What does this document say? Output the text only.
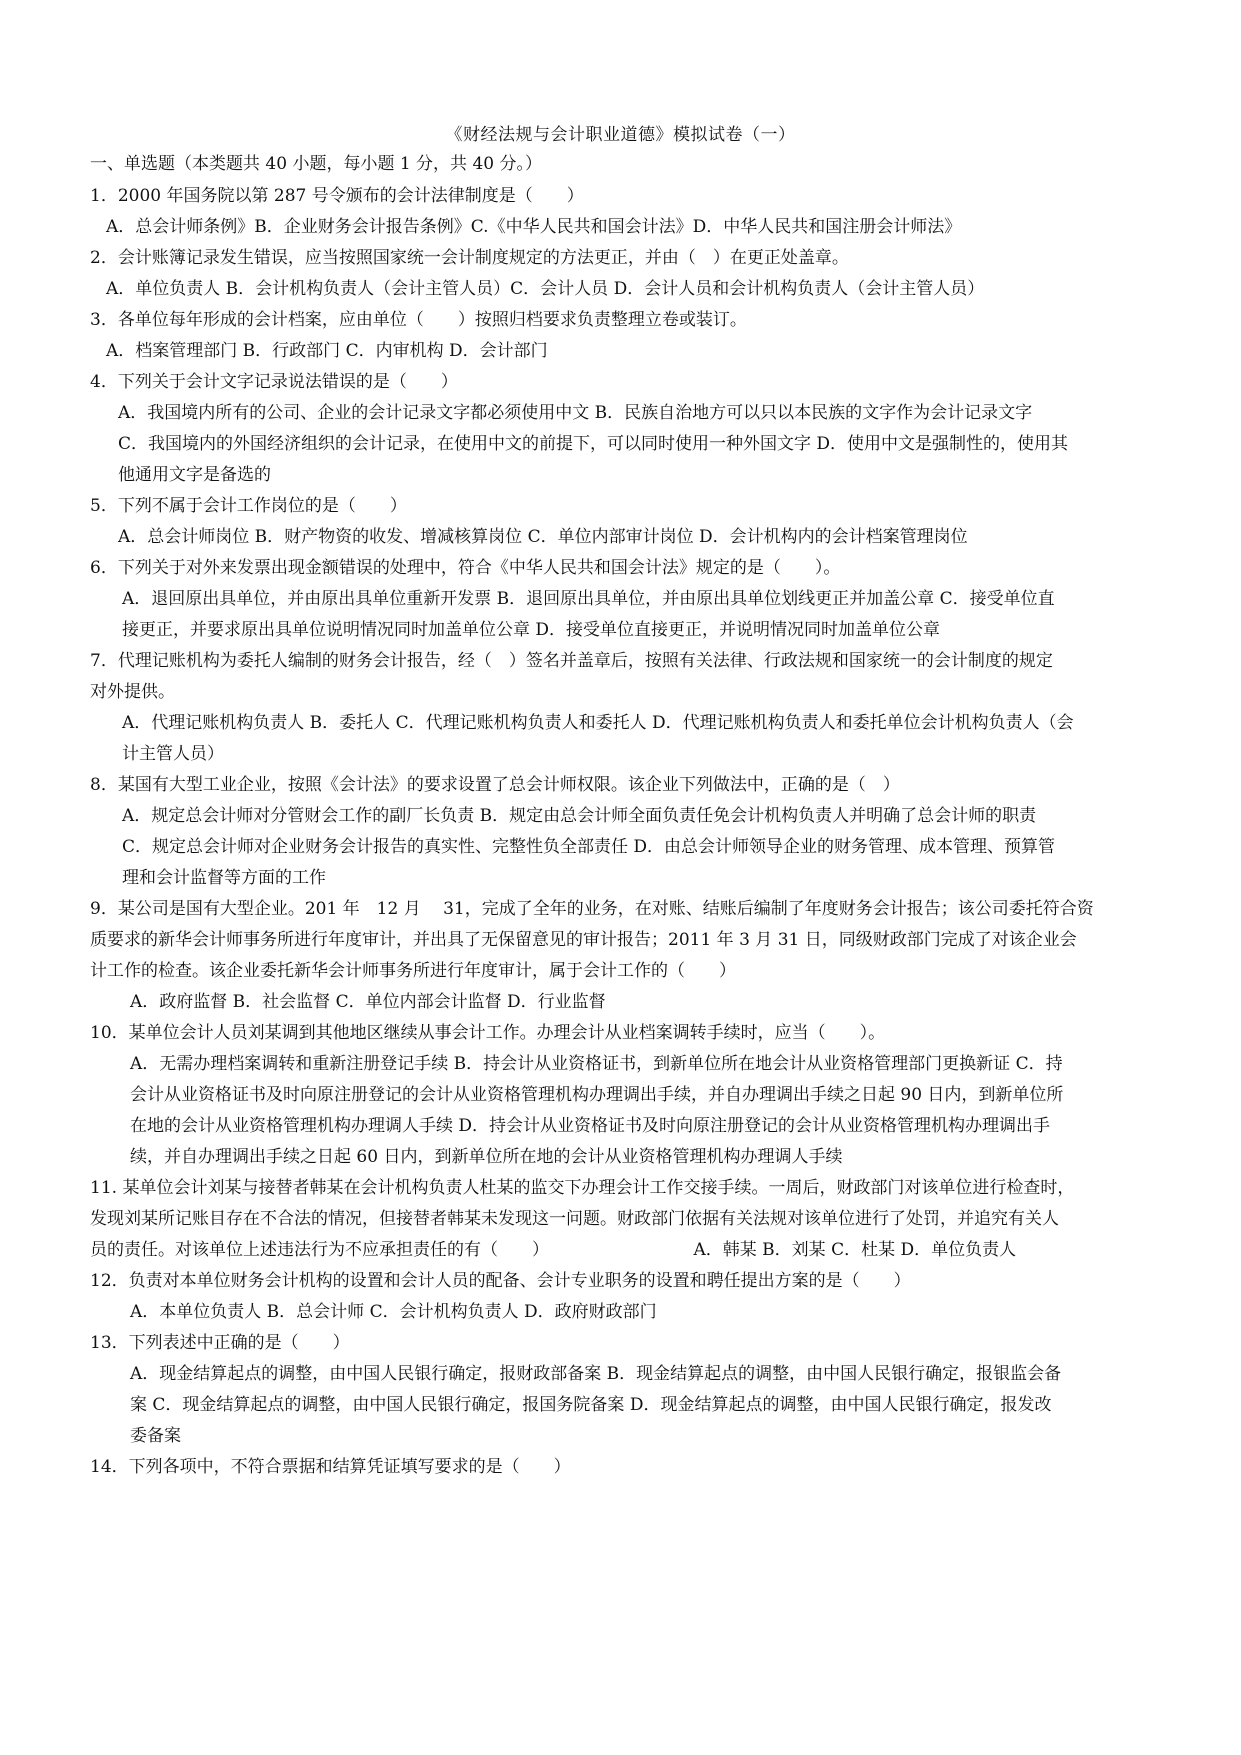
《财经法规与会计职业道德》模拟试卷（一）
一、单选题（本类题共 40 小题，每小题 1 分，共 40 分。）
1．2000 年国务院以第 287 号令颁布的会计法律制度是（　　）
A．总会计师条例》B．企业财务会计报告条例》C.《中华人民共和国会计法》D．中华人民共和国注册会计师法》
2．会计账簿记录发生错误，应当按照国家统一会计制度规定的方法更正，并由（　）在更正处盖章。
A．单位负责人 B．会计机构负责人（会计主管人员）C．会计人员 D．会计人员和会计机构负责人（会计主管人员）
3．各单位每年形成的会计档案，应由单位（　　）按照归档要求负责整理立卷或装订。
A．档案管理部门 B．行政部门 C．内审机构 D．会计部门
4．下列关于会计文字记录说法错误的是（　　）
A．我国境内所有的公司、企业的会计记录文字都必须使用中文 B．民族自治地方可以只以本民族的文字作为会计记录文字
C．我国境内的外国经济组织的会计记录，在使用中文的前提下，可以同时使用一种外国文字 D．使用中文是强制性的，使用其
他通用文字是备选的
5．下列不属于会计工作岗位的是（　　）
A．总会计师岗位 B．财产物资的收发、增减核算岗位 C．单位内部审计岗位 D．会计机构内的会计档案管理岗位
6．下列关于对外来发票出现金额错误的处理中，符合《中华人民共和国会计法》规定的是（　　）。
A．退回原出具单位，并由原出具单位重新开发票 B．退回原出具单位，并由原出具单位划线更正并加盖公章 C．接受单位直
接更正，并要求原出具单位说明情况同时加盖单位公章 D．接受单位直接更正，并说明情况同时加盖单位公章
7．代理记账机构为委托人编制的财务会计报告，经（　）签名并盖章后，按照有关法律、行政法规和国家统一的会计制度的规定
对外提供。
A．代理记账机构负责人 B．委托人 C．代理记账机构负责人和委托人 D．代理记账机构负责人和委托单位会计机构负责人（会
计主管人员）
8．某国有大型工业企业，按照《会计法》的要求设置了总会计师权限。该企业下列做法中，正确的是（　）
A．规定总会计师对分管财会工作的副厂长负责 B．规定由总会计师全面负责任免会计机构负责人并明确了总会计师的职责
C．规定总会计师对企业财务会计报告的真实性、完整性负全部责任 D．由总会计师领导企业的财务管理、成本管理、预算管
理和会计监督等方面的工作
9．某公司是国有大型企业。201 年　12 月　 31，完成了全年的业务，在对账、结账后编制了年度财务会计报告；该公司委托符合资
质要求的新华会计师事务所进行年度审计，并出具了无保留意见的审计报告；2011 年 3 月 31 日，同级财政部门完成了对该企业会
计工作的检查。该企业委托新华会计师事务所进行年度审计，属于会计工作的（　　）
A．政府监督 B．社会监督 C．单位内部会计监督 D．行业监督
10．某单位会计人员刘某调到其他地区继续从事会计工作。办理会计从业档案调转手续时，应当（　　）。
A．无需办理档案调转和重新注册登记手续 B．持会计从业资格证书，到新单位所在地会计从业资格管理部门更换新证 C．持
会计从业资格证书及时向原注册登记的会计从业资格管理机构办理调出手续，并自办理调出手续之日起 90 日内，到新单位所
在地的会计从业资格管理机构办理调人手续 D．持会计从业资格证书及时向原注册登记的会计从业资格管理机构办理调出手
续，并自办理调出手续之日起 60 日内，到新单位所在地的会计从业资格管理机构办理调人手续
11. 某单位会计刘某与接替者韩某在会计机构负责人杜某的监交下办理会计工作交接手续。一周后，财政部门对该单位进行检查时，
发现刘某所记账目存在不合法的情况，但接替者韩某未发现这一问题。财政部门依据有关法规对该单位进行了处罚，并追究有关人
员的责任。对该单位上述违法行为不应承担责任的有（　　）　　　　　　　　　A．韩某 B．刘某 C．杜某 D．单位负责人
12．负责对本单位财务会计机构的设置和会计人员的配备、会计专业职务的设置和聘任提出方案的是（　　）
A．本单位负责人 B．总会计师 C．会计机构负责人 D．政府财政部门
13．下列表述中正确的是（　　）
A．现金结算起点的调整，由中国人民银行确定，报财政部备案 B．现金结算起点的调整，由中国人民银行确定，报银监会备
案 C．现金结算起点的调整，由中国人民银行确定，报国务院备案 D．现金结算起点的调整，由中国人民银行确定，报发改
委备案
14．下列各项中，不符合票据和结算凭证填写要求的是（　　）
